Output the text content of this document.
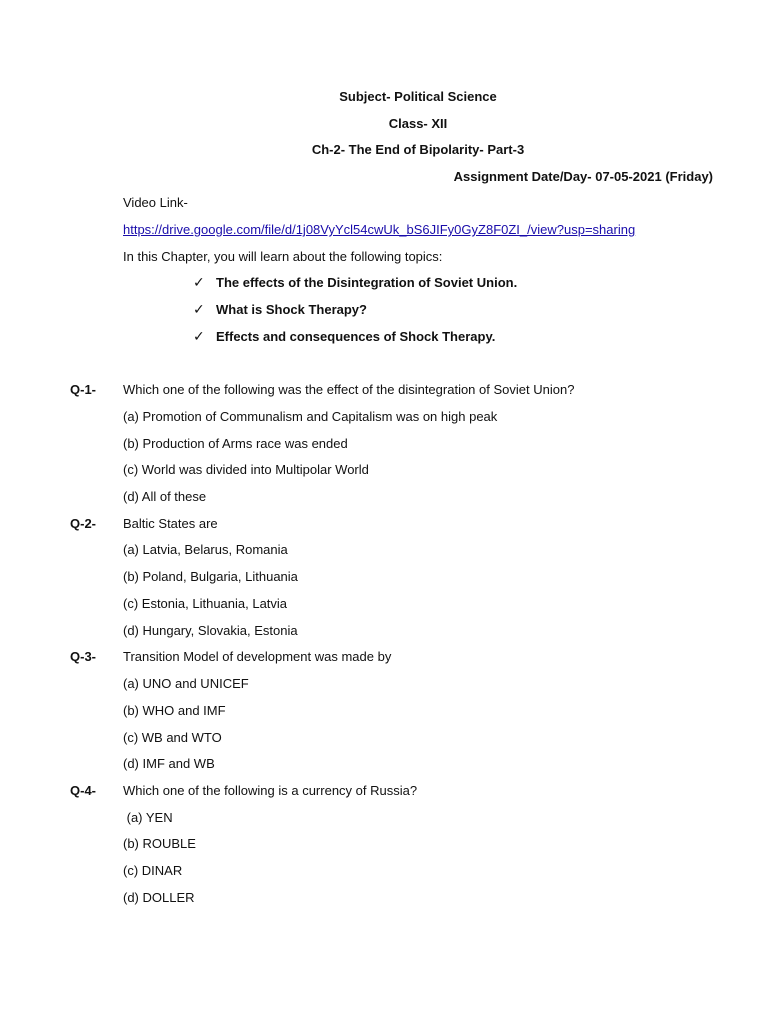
Subject- Political Science
Class- XII
Ch-2- The End of Bipolarity- Part-3
Assignment Date/Day- 07-05-2021 (Friday)
Video Link-
https://drive.google.com/file/d/1j08VyYcl54cwUk_bS6JIFy0GyZ8F0ZI_/view?usp=sharing
In this Chapter, you will learn about the following topics:
✓ The effects of the Disintegration of Soviet Union.
✓ What is Shock Therapy?
✓ Effects and consequences of Shock Therapy.
Q-1- Which one of the following was the effect of the disintegration of Soviet Union?
(a) Promotion of Communalism and Capitalism was on high peak
(b) Production of Arms race was ended
(c) World was divided into Multipolar World
(d) All of these
Q-2- Baltic States are
(a) Latvia, Belarus, Romania
(b) Poland, Bulgaria, Lithuania
(c) Estonia, Lithuania, Latvia
(d) Hungary, Slovakia, Estonia
Q-3- Transition Model of development was made by
(a) UNO and UNICEF
(b) WHO and IMF
(c) WB and WTO
(d) IMF and WB
Q-4- Which one of the following is a currency of Russia?
(a) YEN
(b) ROUBLE
(c) DINAR
(d) DOLLER
